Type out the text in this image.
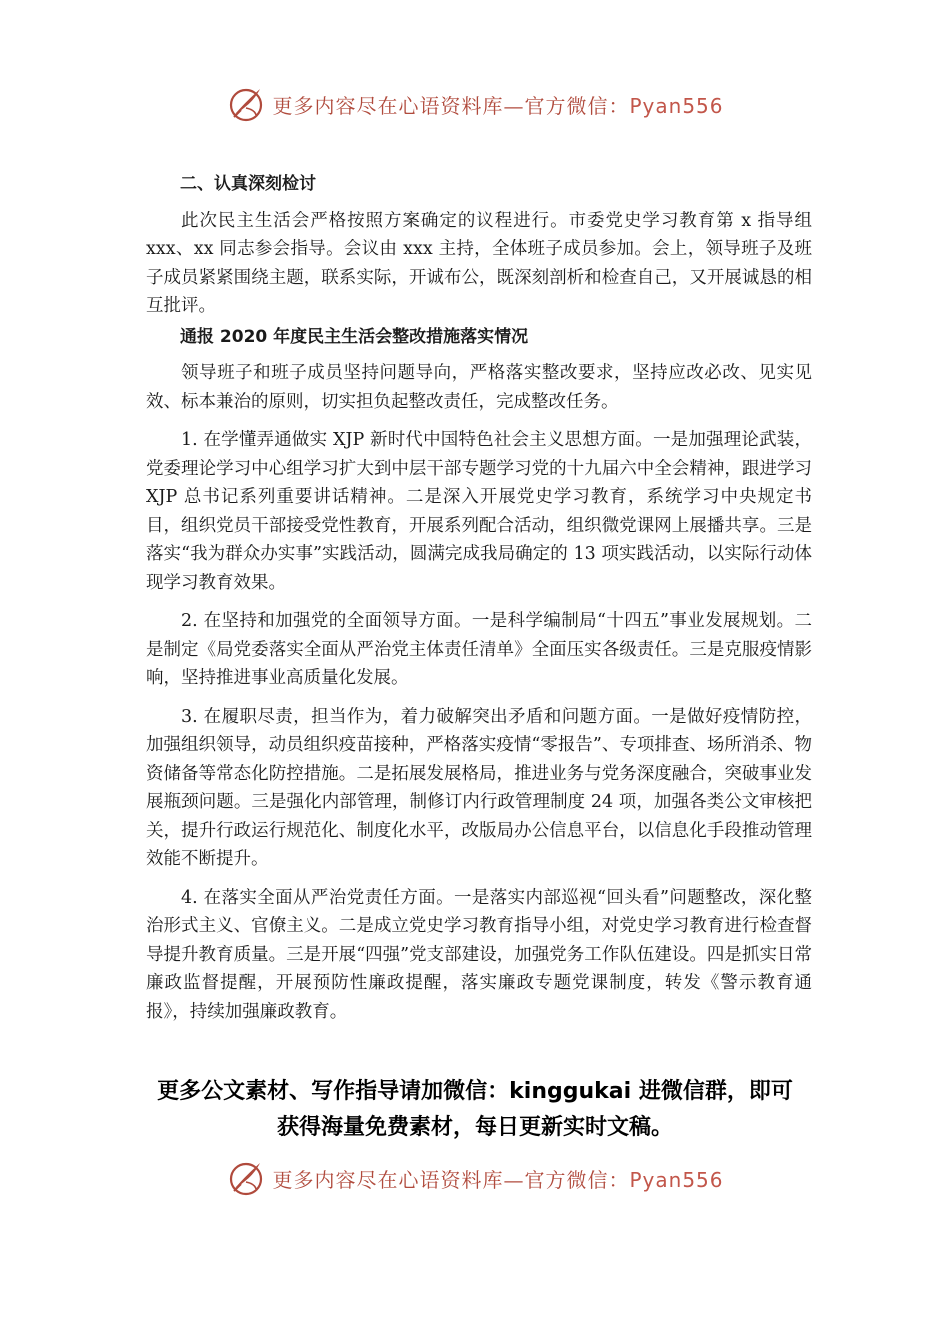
更多内容尽在心语资料库—官方微信：Pyan556

二、认真深刻检讨

此次民主生活会严格按照方案确定的议程进行。市委党史学习教育第 x 指导组 xxx、xx 同志参会指导。会议由 xxx 主持，全体班子成员参加。会上，领导班子及班子成员紧紧围绕主题，联系实际，开诚布公，既深刻剖析和检查自己，又开展诚恳的相互批评。

通报 2020 年度民主生活会整改措施落实情况

领导班子和班子成员坚持问题导向，严格落实整改要求，坚持应改必改、见实见效、标本兼治的原则，切实担负起整改责任，完成整改任务。

1. 在学懂弄通做实 XJP 新时代中国特色社会主义思想方面。一是加强理论武装，党委理论学习中心组学习扩大到中层干部专题学习党的十九届六中全会精神，跟进学习 XJP 总书记系列重要讲话精神。二是深入开展党史学习教育，系统学习中央规定书目，组织党员干部接受党性教育，开展系列配合活动，组织微党课网上展播共享。三是落实“我为群众办实事”实践活动，圆满完成我局确定的 13 项实践活动，以实际行动体现学习教育效果。

2. 在坚持和加强党的全面领导方面。一是科学编制局“十四五”事业发展规划。二是制定《局党委落实全面从严治党主体责任清单》全面压实各级责任。三是克服疫情影响，坚持推进事业高质量化发展。

3. 在履职尽责，担当作为，着力破解突出矛盾和问题方面。一是做好疫情防控，加强组织领导，动员组织疫苗接种，严格落实疫情“零报告”、专项排查、场所消杀、物资储备等常态化防控措施。二是拓展发展格局，推进业务与党务深度融合，突破事业发展瓶颈问题。三是强化内部管理，制修订内行政管理制度 24 项，加强各类公文审核把关，提升行政运行规范化、制度化水平，改版局办公信息平台，以信息化手段推动管理效能不断提升。

4. 在落实全面从严治党责任方面。一是落实内部巡视“回头看”问题整改，深化整治形式主义、官僚主义。二是成立党史学习教育指导小组，对党史学习教育进行检查督导提升教育质量。三是开展“四强”党支部建设，加强党务工作队伍建设。四是抓实日常廉政监督提醒，开展预防性廉政提醒，落实廉政专题党课制度，转发《警示教育通报》，持续加强廉政教育。

更多公文素材、写作指导请加微信：kinggukai 进微信群，即可
获得海量免费素材，每日更新实时文稿。
更多内容尽在心语资料库—官方微信：Pyan556
